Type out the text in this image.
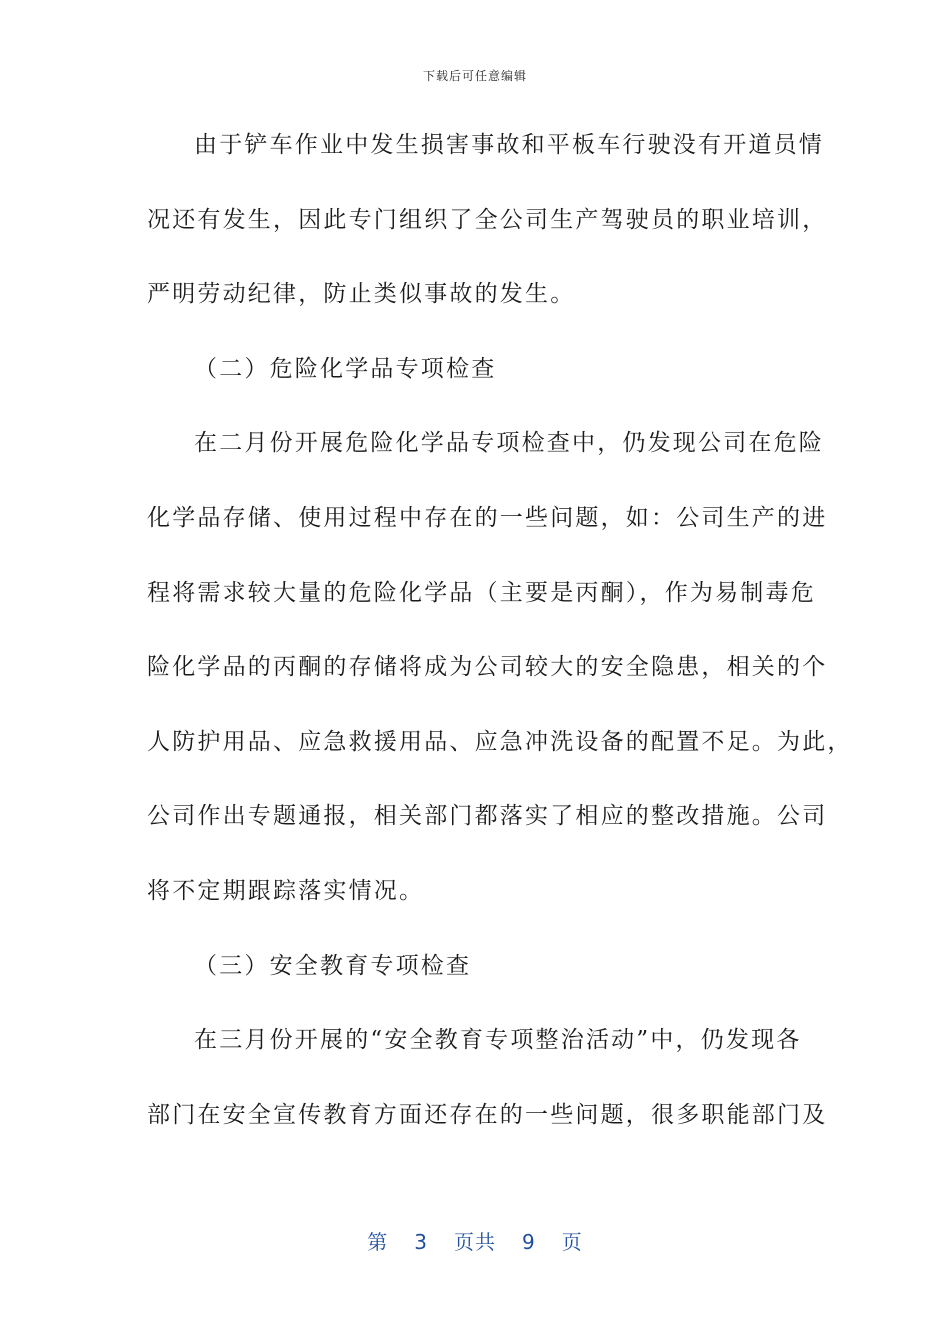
下载后可任意编辑
由于铲车作业中发生损害事故和平板车行驶没有开道员情
况还有发生，因此专门组织了全公司生产驾驶员的职业培训，
严明劳动纪律，防止类似事故的发生。
（二）危险化学品专项检查
在二月份开展危险化学品专项检查中，仍发现公司在危险
化学品存储、使用过程中存在的一些问题，如：公司生产的进
程将需求较大量的危险化学品（主要是丙酮），作为易制毒危
险化学品的丙酮的存储将成为公司较大的安全隐患，相关的个
人防护用品、应急救援用品、应急冲洗设备的配置不足。为此，
公司作出专题通报，相关部门都落实了相应的整改措施。公司
将不定期跟踪落实情况。
（三）安全教育专项检查
在三月份开展的“安全教育专项整治活动”中，仍发现各
部门在安全宣传教育方面还存在的一些问题，很多职能部门及
第 3 页共 9 页
